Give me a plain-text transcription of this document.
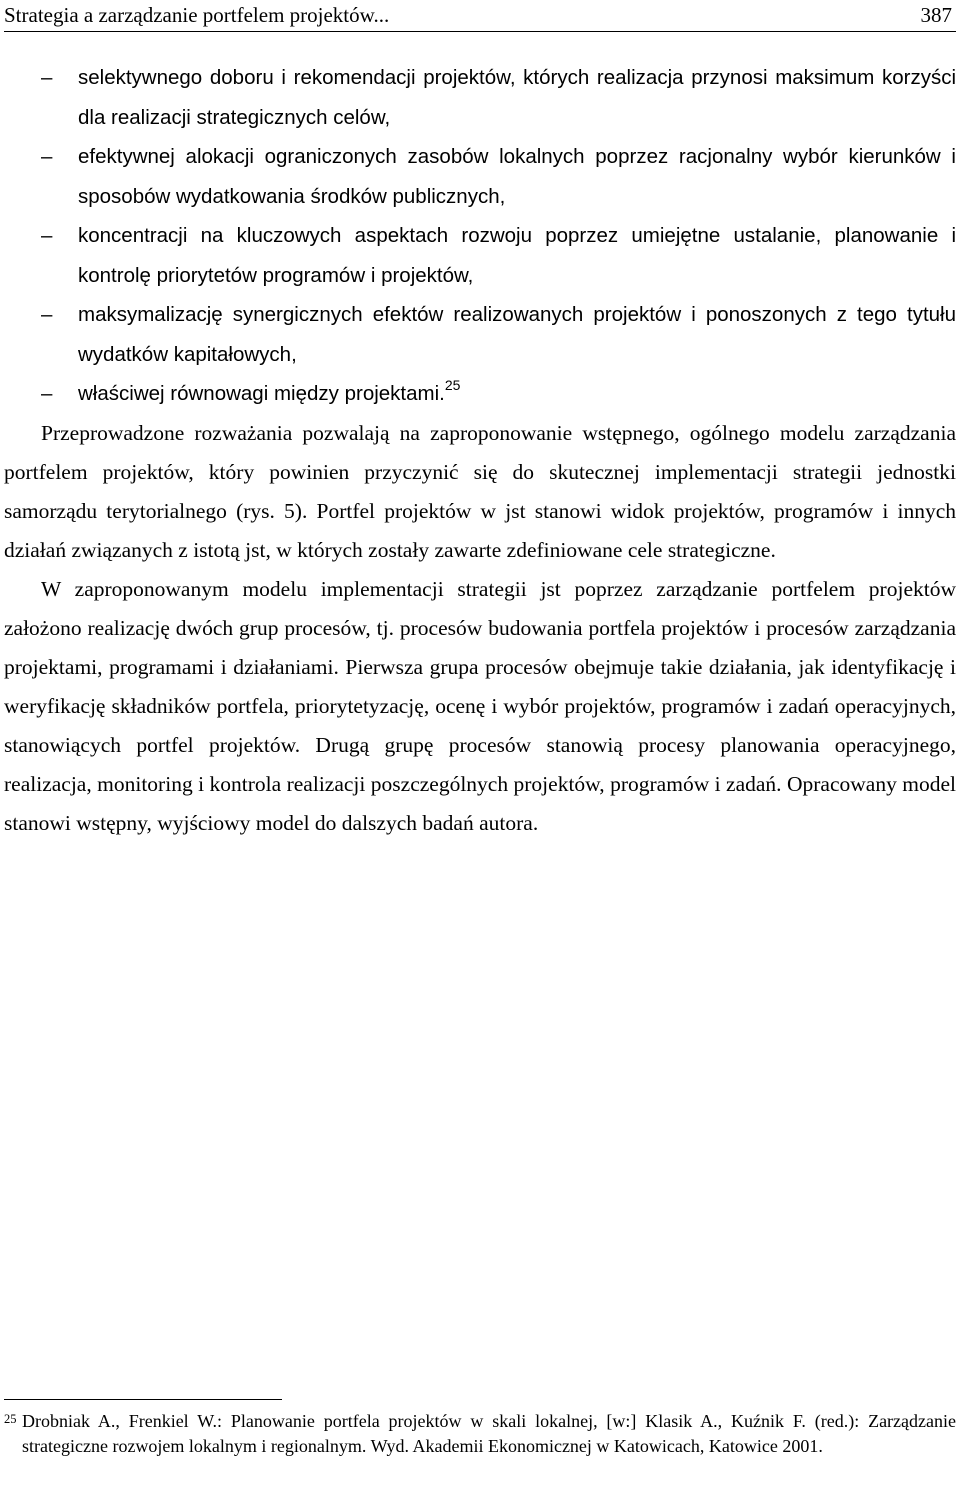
Strategia a zarządzanie portfelem projektów...	387
– selektywnego doboru i rekomendacji projektów, których realizacja przynosi maksimum korzyści dla realizacji strategicznych celów,
– efektywnej alokacji ograniczonych zasobów lokalnych poprzez racjonalny wybór kierunków i sposobów wydatkowania środków publicznych,
– koncentracji na kluczowych aspektach rozwoju poprzez umiejętne ustalanie, planowanie i kontrolę priorytetów programów i projektów,
– maksymalizację synergicznych efektów realizowanych projektów i ponoszonych z tego tytułu wydatków kapitałowych,
– właściwej równowagi między projektami.$^{25}$

Przeprowadzone rozważania pozwalają na zaproponowanie wstępnego, ogólnego modelu zarządzania portfelem projektów, który powinien przyczynić się do skutecznej implementacji strategii jednostki samorządu terytorialnego (rys. 5). Portfel projektów w jst stanowi widok projektów, programów i innych działań związanych z istotą jst, w których zostały zawarte zdefiniowane cele strategiczne.

W zaproponowanym modelu implementacji strategii jst poprzez zarządzanie portfelem projektów założono realizację dwóch grup procesów, tj. procesów budowania portfela projektów i procesów zarządzania projektami, programami i działaniami. Pierwsza grupa procesów obejmuje takie działania, jak identyfikację i weryfikację składników portfela, priorytetyzację, ocenę i wybór projektów, programów i zadań operacyjnych, stanowiących portfel projektów. Drugą grupę procesów stanowią procesy planowania operacyjnego, realizacja, monitoring i kontrola realizacji poszczególnych projektów, programów i zadań. Opracowany model stanowi wstępny, wyjściowy model do dalszych badań autora.

25 Drobniak A., Frenkiel W.: Planowanie portfela projektów w skali lokalnej, [w:] Klasik A., Kuźnik F. (red.): Zarządzanie strategiczne rozwojem lokalnym i regionalnym. Wyd. Akademii Ekonomicznej w Katowicach, Katowice 2001.
